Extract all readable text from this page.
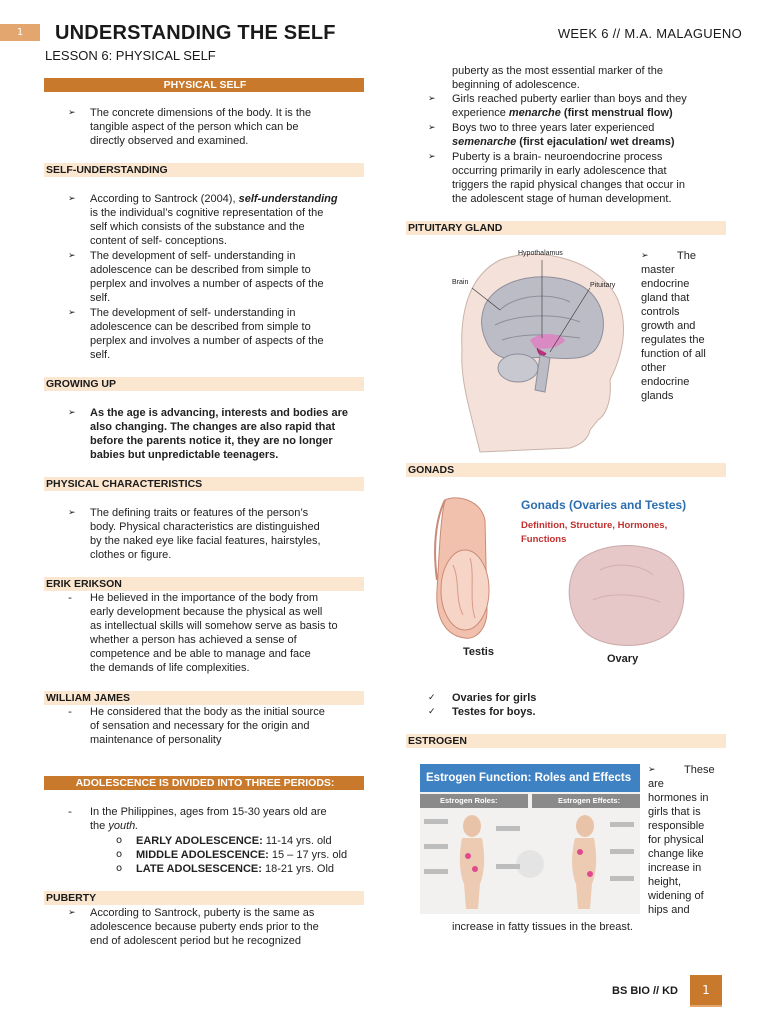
1	UNDERSTANDING THE SELF
LESSON 6: PHYSICAL SELF
WEEK 6 // M.A. MALAGUENO
PHYSICAL SELF
➢ The concrete dimensions of the body. It is the
tangible aspect of the person which can be
directly observed and examined.
SELF-UNDERSTANDING
➢ According to Santrock (2004), self-understanding
is the individual’s cognitive representation of the
self which consists of the substance and the
content of self- conceptions.
➢ The development of self- understanding in
adolescence can be described from simple to
perplex and involves a number of aspects of the
self.
➢ The development of self- understanding in
adolescence can be described from simple to
perplex and involves a number of aspects of the
self.
GROWING UP
➢ As the age is advancing, interests and bodies are
also changing. The changes are also rapid that
before the parents notice it, they are no longer
babies but unpredictable teenagers.
PHYSICAL CHARACTERISTICS
➢ The defining traits or features of the person’s
body. Physical characteristics are distinguished
by the naked eye like facial features, hairstyles,
clothes or figure.
ERIK ERIKSON
- He believed in the importance of the body from
early development because the physical as well
as intellectual skills will somehow serve as basis to
whether a person has achieved a sense of
competence and be able to manage and face
the demands of life complexities.
WILLIAM JAMES
- He considered that the body as the initial source
of sensation and necessary for the origin and
maintenance of personality
ADOLESCENCE IS DIVIDED INTO THREE PERIODS:
- In the Philippines, ages from 15-30 years old are
the youth.
o EARLY ADOLESCENCE: 11-14 yrs. old
o MIDDLE ADOLESCENCE: 15 – 17 yrs. old
o LATE ADOLSESCENCE: 18-21 yrs. Old
PUBERTY
➢ According to Santrock, puberty is the same as
adolescence because puberty ends prior to the
end of adolescent period but he recognized
puberty as the most essential marker of the
beginning of adolescence.
➢ Girls reached puberty earlier than boys and they
experience menarche (first menstrual flow)
➢ Boys two to three years later experienced
semenarche (first ejaculation/ wet dreams)
➢ Puberty is a brain- neuroendocrine process
occurring primarily in early adolescence that
triggers the rapid physical changes that occur in
the adolescent stage of human development.
PITUITARY GLAND
Hypothalamus
Brain	Pituitary
➢	The
master
endocrine
gland that
controls
growth and
regulates the
function of all
other
endocrine
glands
GONADS
Gonads (Ovaries and Testes)
Definition, Structure, Hormones, Functions
Testis
Ovary
✓ Ovaries for girls
✓ Testes for boys.
ESTROGEN
Estrogen Function: Roles and Effects
Estrogen Roles:	Estrogen Effects:
➢	These
are
hormones in
girls that is
responsible
for physical
change like
increase in
height,
widening of
hips and
increase in fatty tissues in the breast.
BS BIO // KD	1
